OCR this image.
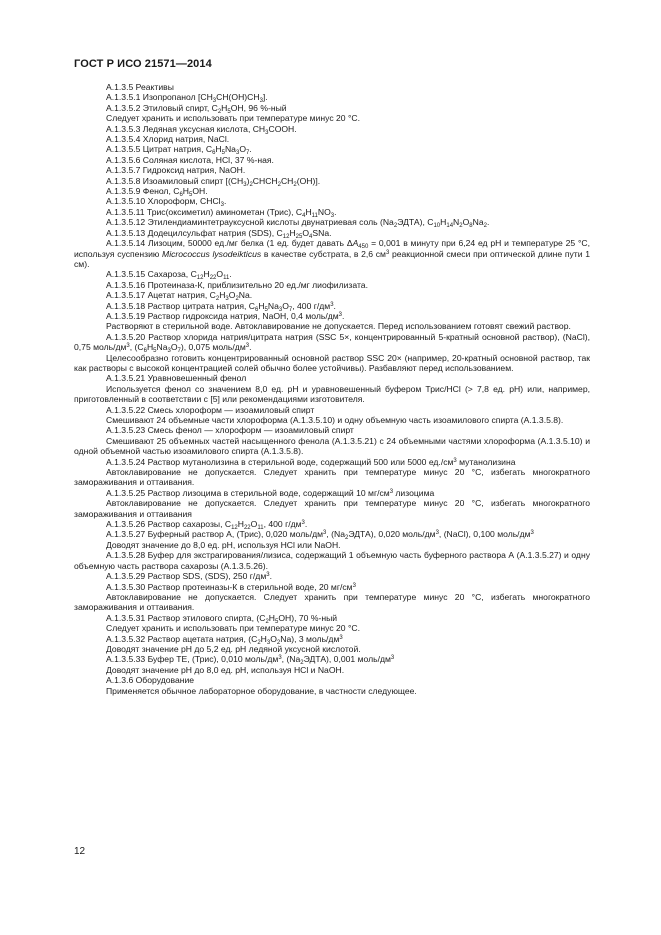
ГОСТ Р ИСО 21571—2014

А.1.3.5 Реактивы

А.1.3.5.1 Изопропанол $[CH_3CH(OH)CH_3]$.

А.1.3.5.2 Этиловый спирт, $C_2H_5OH$, 96 %-ный

Следует хранить и использовать при температуре минус 20 °C.

А.1.3.5.3 Ледяная уксусная кислота, $CH_3COOH$.

А.1.3.5.4 Хлорид натрия, NaCl.

А.1.3.5.5 Цитрат натрия, $C_6H_5Na_3O_7$.

А.1.3.5.6 Соляная кислота, HCl, 37 %-ная.

А.1.3.5.7 Гидроксид натрия, NaOH.

А.1.3.5.8 Изоамиловый спирт $[(CH_3)_2CHCH_2CH_2(OH)]$.

А.1.3.5.9 Фенол, $C_6H_5OH$.

А.1.3.5.10 Хлороформ, CHCl$_3$.

А.1.3.5.11 Трис(оксиметил) аминометан (Трис), $C_4H_{11}NO_3$.

А.1.3.5.12 Этилендиаминтетрауксусной кислоты двунатриевая соль $(Na_2ЭДТА)$, $C_{10}H_{14}N_2O_8Na_2$.

А.1.3.5.13 Додецилсульфат натрия (SDS), $C_{12}H_{25}O_4SNa$.

А.1.3.5.14 Лизоцим, 50000 ед./мг белка (1 ед. будет давать $\Delta A_{450} = 0,001$ в минуту при 6,24 ед pH и температуре 25 °C, используя суспензию Micrococcus lysodeikticus в качестве субстрата, в 2,6 $см^3$ реакционной смеси при оптической длине пути 1 см).

А.1.3.5.15 Сахароза, $C_{12}H_{22}O_{11}$.

А.1.3.5.16 Протеиназа-К, приблизительно 20 ед./мг лиофилизата.

А.1.3.5.17 Ацетат натрия, $C_2H_3O_2Na$.

А.1.3.5.18 Раствор цитрата натрия, $C_6H_5Na_3O_7$, 400 $г/дм^3$.

А.1.3.5.19 Раствор гидроксида натрия, NaOH, 0,4 моль/$дм^3$.

Растворяют в стерильной воде. Автоклавирование не допускается. Перед использованием готовят свежий раствор.

А.1.3.5.20 Раствор хлорида натрия/цитрата натрия (SSC 5×, концентрированный 5-кратный основной раствор), (NaCl), 0,75 моль/$дм^3$, $(C_6H_5Na_3O_7)$, 0,075 моль/$дм^3$.

Целесообразно готовить концентрированный основной раствор SSC 20× (например, 20-кратный основной раствор, так как растворы с высокой концентрацией солей обычно более устойчивы). Разбавляют перед использованием.

А.1.3.5.21 Уравновешенный фенол

Используется фенол со значением 8,0 ед. pH и уравновешенный буфером Трис/HCl (> 7,8 ед. pH) или, например, приготовленный в соответствии с [5] или рекомендациями изготовителя.

А.1.3.5.22 Смесь хлороформ — изоамиловый спирт

Смешивают 24 объемные части хлороформа (А.1.3.5.10) и одну объемную часть изоамилового спирта (А.1.3.5.8).

А.1.3.5.23 Смесь фенол — хлороформ — изоамиловый спирт

Смешивают 25 объемных частей насыщенного фенола (А.1.3.5.21) с 24 объемными частями хлороформа (А.1.3.5.10) и одной объемной частью изоамилового спирта (А.1.3.5.8).

А.1.3.5.24 Раствор мутанолизина в стерильной воде, содержащий 500 или 5000 $ед./см^3$ мутанолизина

Автоклавирование не допускается. Следует хранить при температуре минус 20 °C, избегать многократного замораживания и оттаивания.

А.1.3.5.25 Раствор лизоцима в стерильной воде, содержащий 10 $мг/см^3$ лизоцима

Автоклавирование не допускается. Следует хранить при температуре минус 20 °C, избегать многократного замораживания и оттаивания

А.1.3.5.26 Раствор сахарозы, $C_{12}H_{22}O_{11}$, 400 $г/дм^3$.

А.1.3.5.27 Буферный раствор А, (Трис), 0,020 моль/$дм^3$, $(Na_2ЭДТА)$, 0,020 моль/$дм^3$, (NaCl), 0,100 моль/$дм^3$

Доводят значение до 8,0 ед. pH, используя HCl или NaOH.

А.1.3.5.28 Буфер для экстрагирования/лизиса, содержащий 1 объемную часть буферного раствора А (А.1.3.5.27) и одну объемную часть раствора сахарозы (А.1.3.5.26).

А.1.3.5.29 Раствор SDS, (SDS), 250 $г/дм^3$.

А.1.3.5.30 Раствор протеиназы-К в стерильной воде, 20 $мг/см^3$

Автоклавирование не допускается. Следует хранить при температуре минус 20 °C, избегать многократного замораживания и оттаивания.

А.1.3.5.31 Раствор этилового спирта, $(C_2H_5OH)$, 70 %-ный

Следует хранить и использовать при температуре минус 20 °C.

А.1.3.5.32 Раствор ацетата натрия, $(C_2H_3O_2Na)$, 3 моль/$дм^3$

Доводят значение pH до 5,2 ед. pH ледяной уксусной кислотой.

А.1.3.5.33 Буфер ТЕ, (Трис), 0,010 моль/$дм^3$, $(Na_2ЭДТА)$, 0,001 моль/$дм^3$

Доводят значение pH до 8,0 ед. pH, используя HCl и NaOH.

А.1.3.6 Оборудование

Применяется обычное лабораторное оборудование, в частности следующее.

12
